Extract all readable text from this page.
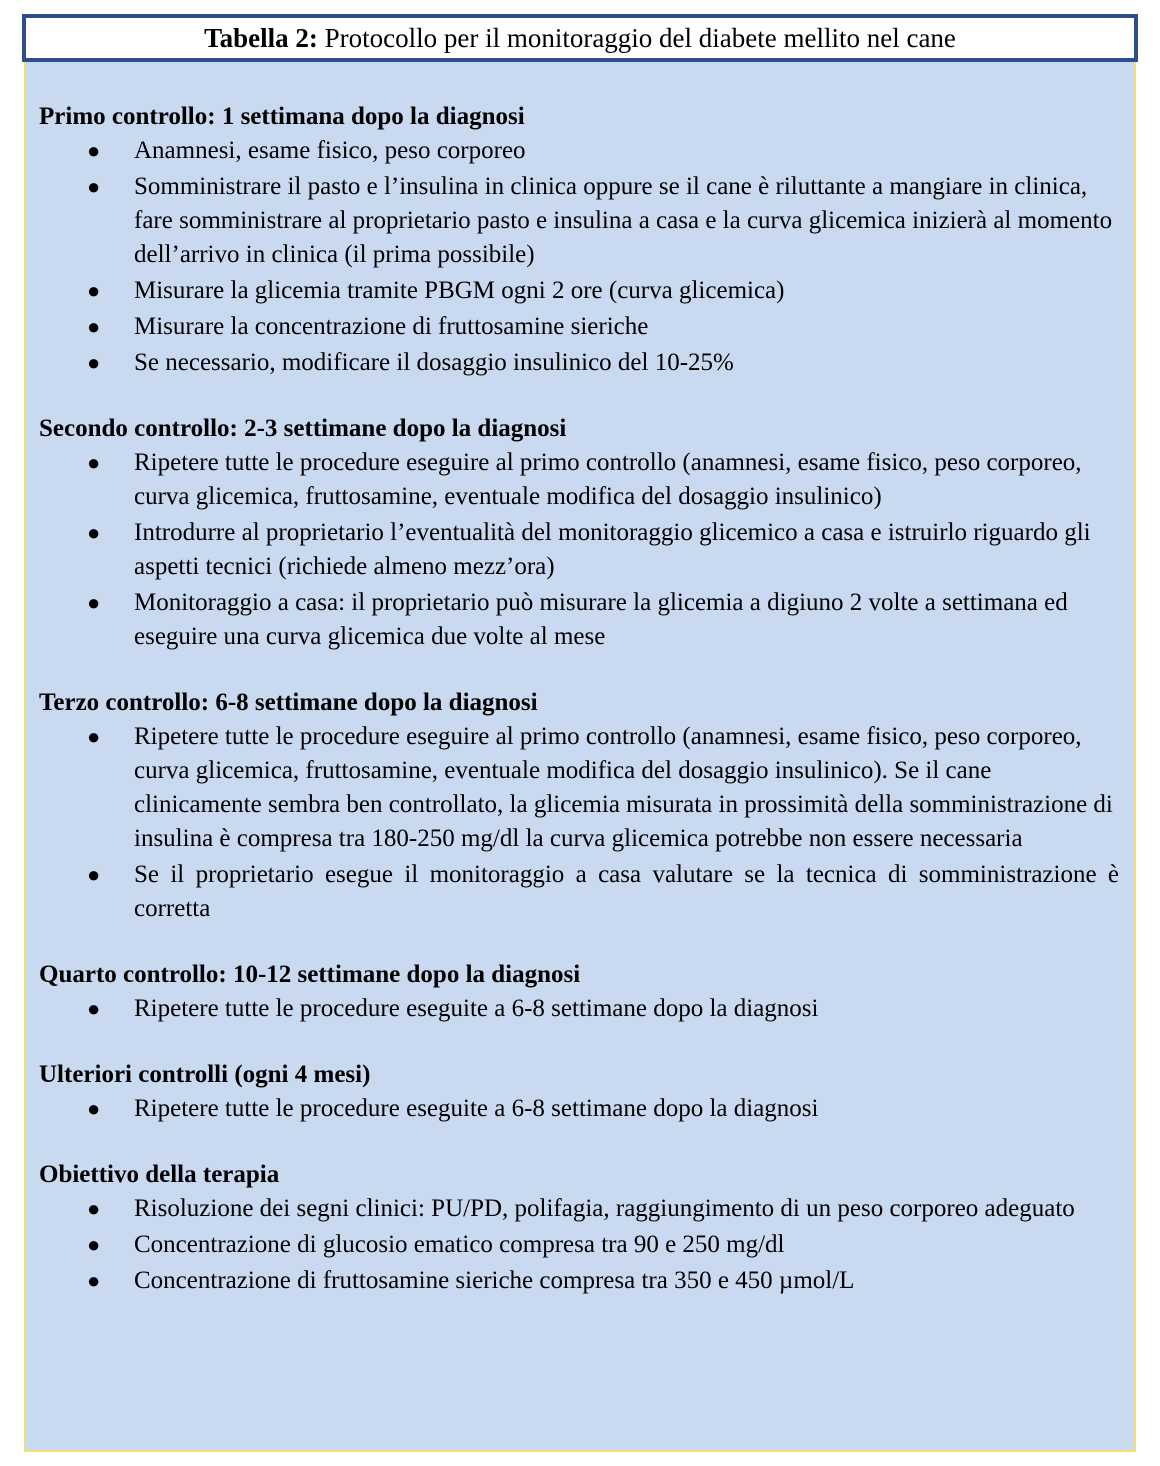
Tabella 2: Protocollo per il monitoraggio del diabete mellito nel cane

Primo controllo: 1 settimana dopo la diagnosi

● Anamnesi, esame fisico, peso corporeo
● Somministrare il pasto e l’insulina in clinica oppure se il cane è riluttante a mangiare in clinica, fare somministrare al proprietario pasto e insulina a casa e la curva glicemica inizierà al momento dell’arrivo in clinica (il prima possibile)
● Misurare la glicemia tramite PBGM ogni 2 ore (curva glicemica)
● Misurare la concentrazione di fruttosamine sieriche
● Se necessario, modificare il dosaggio insulinico del 10-25%

Secondo controllo: 2-3 settimane dopo la diagnosi

● Ripetere tutte le procedure eseguire al primo controllo (anamnesi, esame fisico, peso corporeo, curva glicemica, fruttosamine, eventuale modifica del dosaggio insulinico)
● Introdurre al proprietario l’eventualità del monitoraggio glicemico a casa e istruirlo riguardo gli aspetti tecnici (richiede almeno mezz’ora)
● Monitoraggio a casa: il proprietario può misurare la glicemia a digiuno 2 volte a settimana ed eseguire una curva glicemica due volte al mese

Terzo controllo: 6-8 settimane dopo la diagnosi

● Ripetere tutte le procedure eseguire al primo controllo (anamnesi, esame fisico, peso corporeo, curva glicemica, fruttosamine, eventuale modifica del dosaggio insulinico). Se il cane clinicamente sembra ben controllato, la glicemia misurata in prossimità della somministrazione di insulina è compresa tra 180-250 mg/dl la curva glicemica potrebbe non essere necessaria
● Se il proprietario esegue il monitoraggio a casa valutare se la tecnica di somministrazione è corretta

Quarto controllo: 10-12 settimane dopo la diagnosi

● Ripetere tutte le procedure eseguite a 6-8 settimane dopo la diagnosi

Ulteriori controlli (ogni 4 mesi)

● Ripetere tutte le procedure eseguite a 6-8 settimane dopo la diagnosi

Obiettivo della terapia

● Risoluzione dei segni clinici: PU/PD, polifagia, raggiungimento di un peso corporeo adeguato
● Concentrazione di glucosio ematico compresa tra 90 e 250 mg/dl
● Concentrazione di fruttosamine sieriche compresa tra 350 e 450 µmol/L
